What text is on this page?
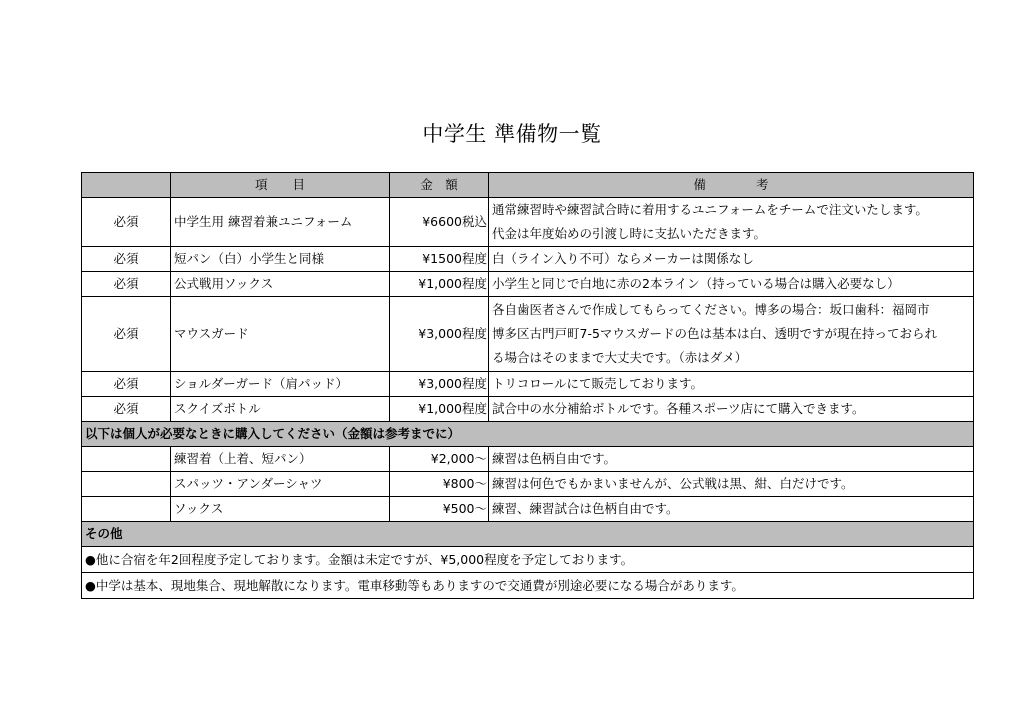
中学生 準備物一覧
	項　　目	金　額	備　　　　考
必須	中学生用 練習着兼ユニフォーム	¥6600税込	通常練習時や練習試合時に着用するユニフォームをチームで注文いたします。
代金は年度始めの引渡し時に支払いただきます。

必須	短パン（白）小学生と同様	¥1500程度	白（ライン入り不可）ならメーカーは関係なし

必須	公式戦用ソックス	¥1,000程度	小学生と同じで白地に赤の2本ライン（持っている場合は購入必要なし）

必須	マウスガード	¥3,000程度	各自歯医者さんで作成してもらってください。博多の場合：坂口歯科：福岡市
博多区古門戸町7-5マウスガードの色は基本は白、透明ですが現在持っておられ
る場合はそのままで大丈夫です。（赤はダメ）

必須	ショルダーガード（肩パッド）	¥3,000程度	トリコロールにて販売しております。

必須	スクイズボトル	¥1,000程度	試合中の水分補給ボトルです。各種スポーツ店にて購入できます。

以下は個人が必要なときに購入してください（金額は参考までに）			
	練習着（上着、短パン）	¥2,000～	練習は色柄自由です。
	スパッツ・アンダーシャツ	¥800～	練習は何色でもかまいませんが、公式戦は黒、紺、白だけです。
	ソックス	¥500～	練習、練習試合は色柄自由です。
その他			
●他に合宿を年2回程度予定しております。金額は未定ですが、¥5,000程度を予定しております。			
●中学は基本、現地集合、現地解散になります。電車移動等もありますので交通費が別途必要になる場合があります。			
